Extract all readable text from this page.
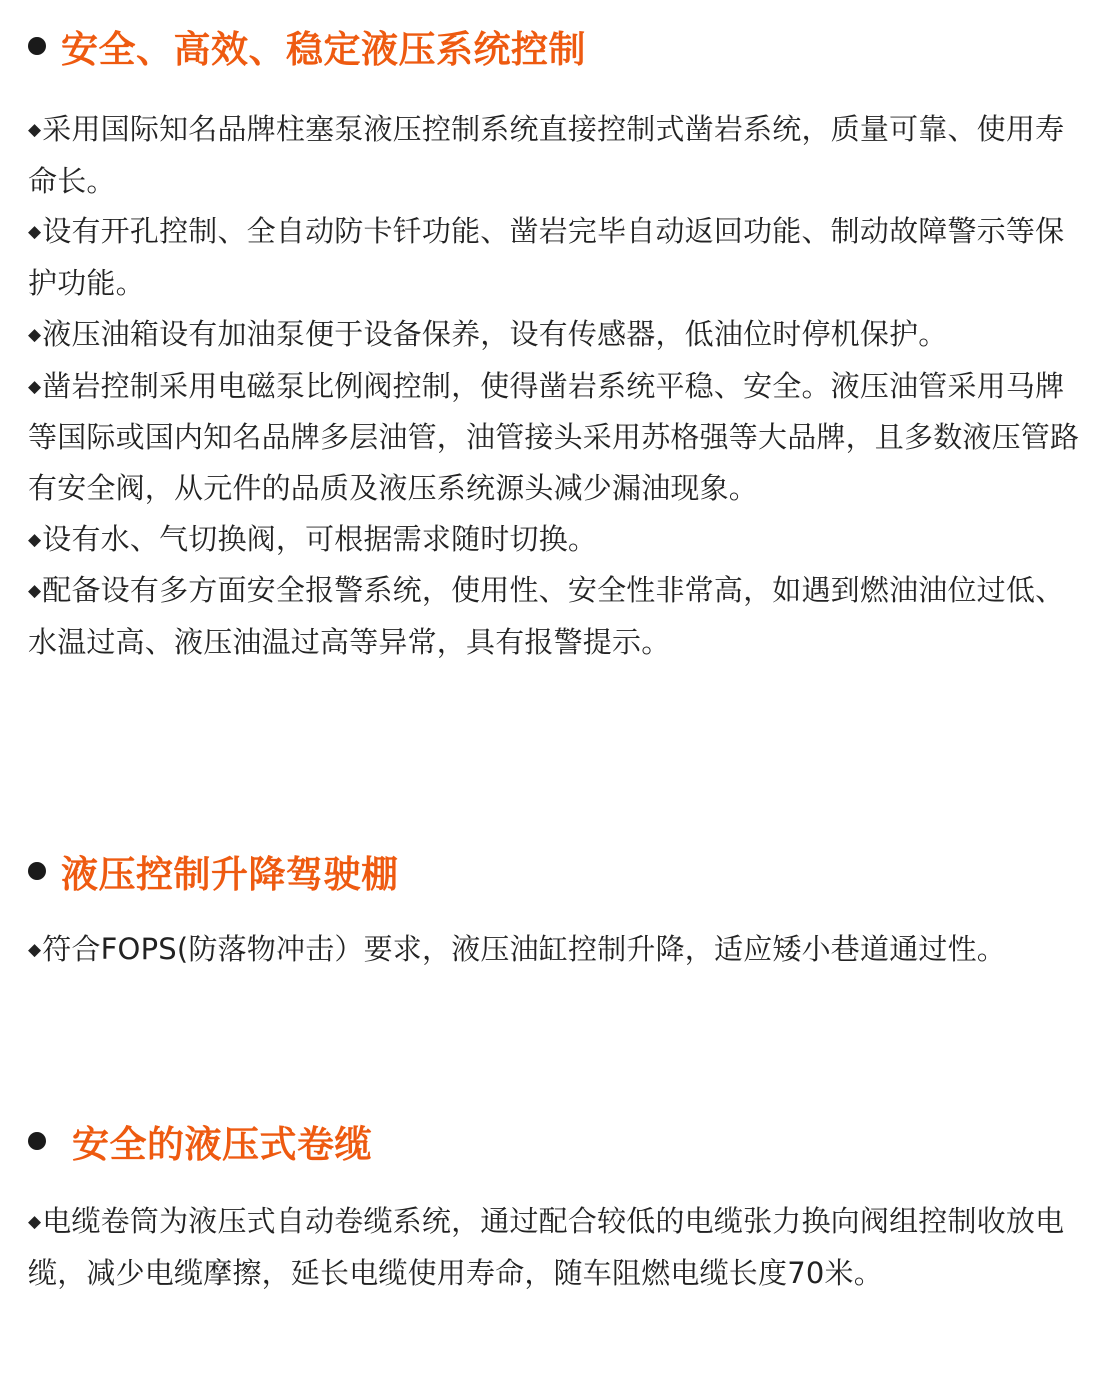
安全、高效、稳定液压系统控制
◆采用国际知名品牌柱塞泵液压控制系统直接控制式凿岩系统，质量可靠、使用寿命长。
◆设有开孔控制、全自动防卡钎功能、凿岩完毕自动返回功能、制动故障警示等保护功能。
◆液压油箱设有加油泵便于设备保养，设有传感器，低油位时停机保护。
◆凿岩控制采用电磁泵比例阀控制，使得凿岩系统平稳、安全。液压油管采用马牌等国际或国内知名品牌多层油管，油管接头采用苏格强等大品牌，且多数液压管路有安全阀，从元件的品质及液压系统源头减少漏油现象。
◆设有水、气切换阀，可根据需求随时切换。
◆配备设有多方面安全报警系统，使用性、安全性非常高，如遇到燃油油位过低、水温过高、液压油温过高等异常，具有报警提示。
液压控制升降驾驶棚
◆符合FOPS(防落物冲击）要求，液压油缸控制升降，适应矮小巷道通过性。
安全的液压式卷缆
◆电缆卷筒为液压式自动卷缆系统，通过配合较低的电缆张力换向阀组控制收放电缆，减少电缆摩擦，延长电缆使用寿命，随车阻燃电缆长度70米。
